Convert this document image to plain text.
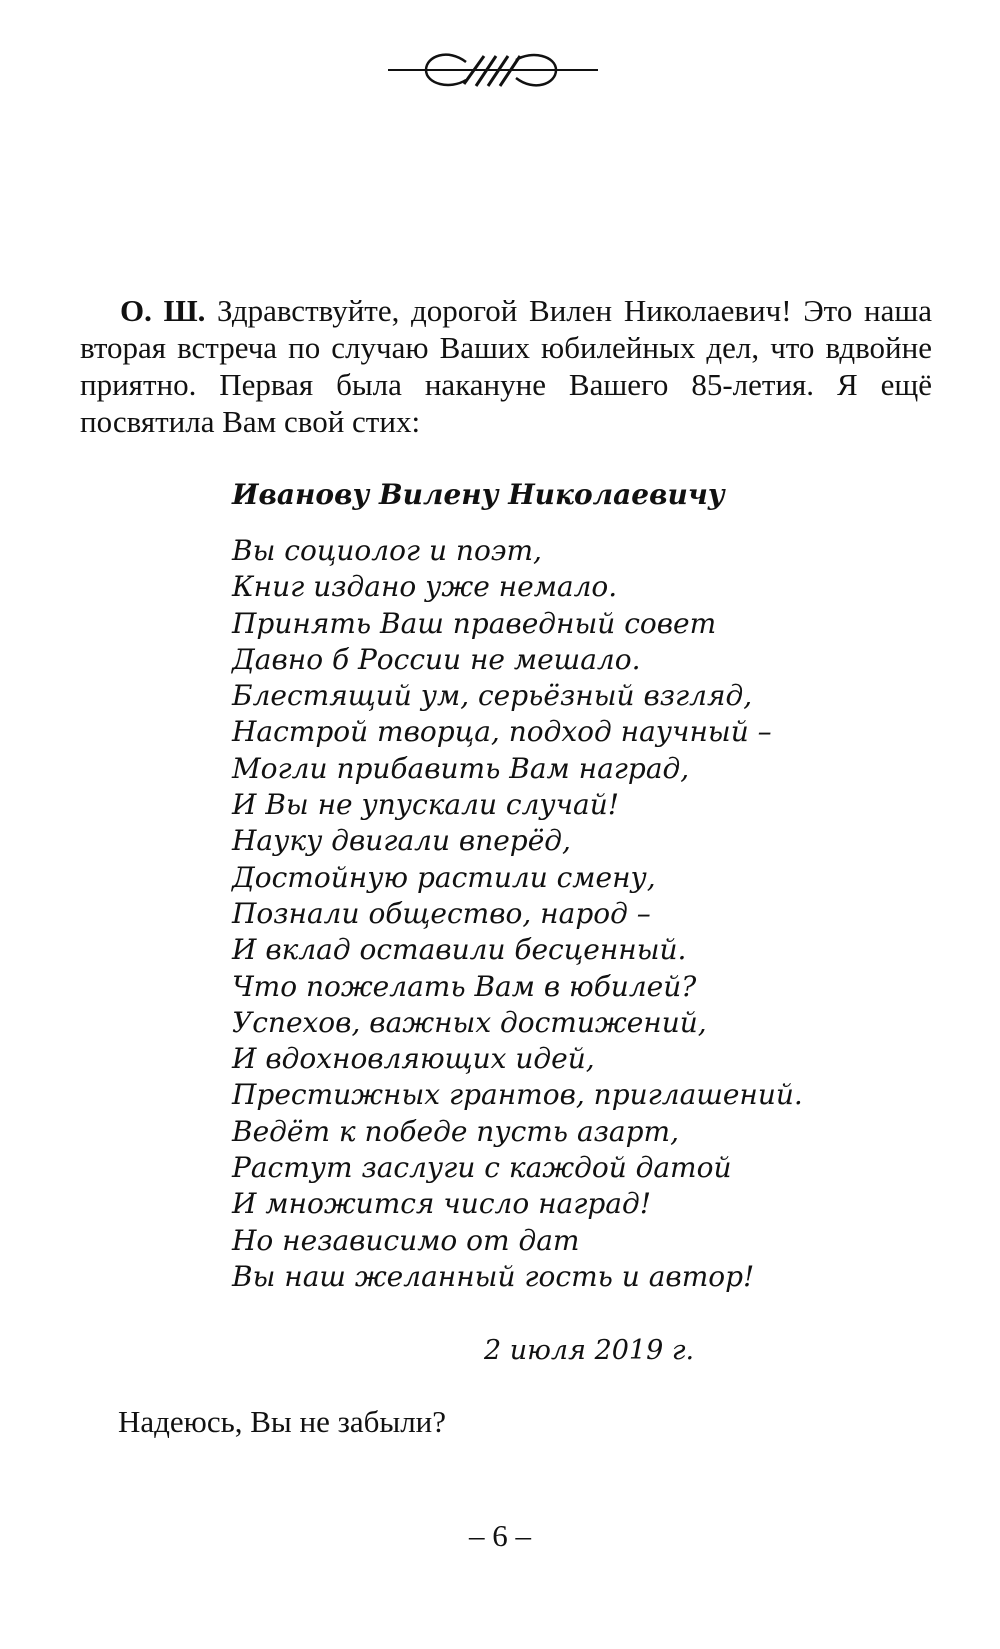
О. Ш. Здравствуйте, дорогой Вилен Николаевич! Это наша вторая встреча по случаю Ваших юбилейных дел, что вдвойне приятно. Первая была накануне Вашего 85-летия. Я ещё посвятила Вам свой стих:
Иванову Вилену Николаевичу
Вы социолог и поэт,
Книг издано уже немало.
Принять Ваш праведный совет
Давно б России не мешало.
Блестящий ум, серьёзный взгляд,
Настрой творца, подход научный –
Могли прибавить Вам наград,
И Вы не упускали случай!
Науку двигали вперёд,
Достойную растили смену,
Познали общество, народ –
И вклад оставили бесценный.
Что пожелать Вам в юбилей?
Успехов, важных достижений,
И вдохновляющих идей,
Престижных грантов, приглашений.
Ведёт к победе пусть азарт,
Растут заслуги с каждой датой
И множится число наград!
Но независимо от дат
Вы наш желанный гость и автор!
2 июля 2019 г.
Надеюсь, Вы не забыли?
– 6 –
